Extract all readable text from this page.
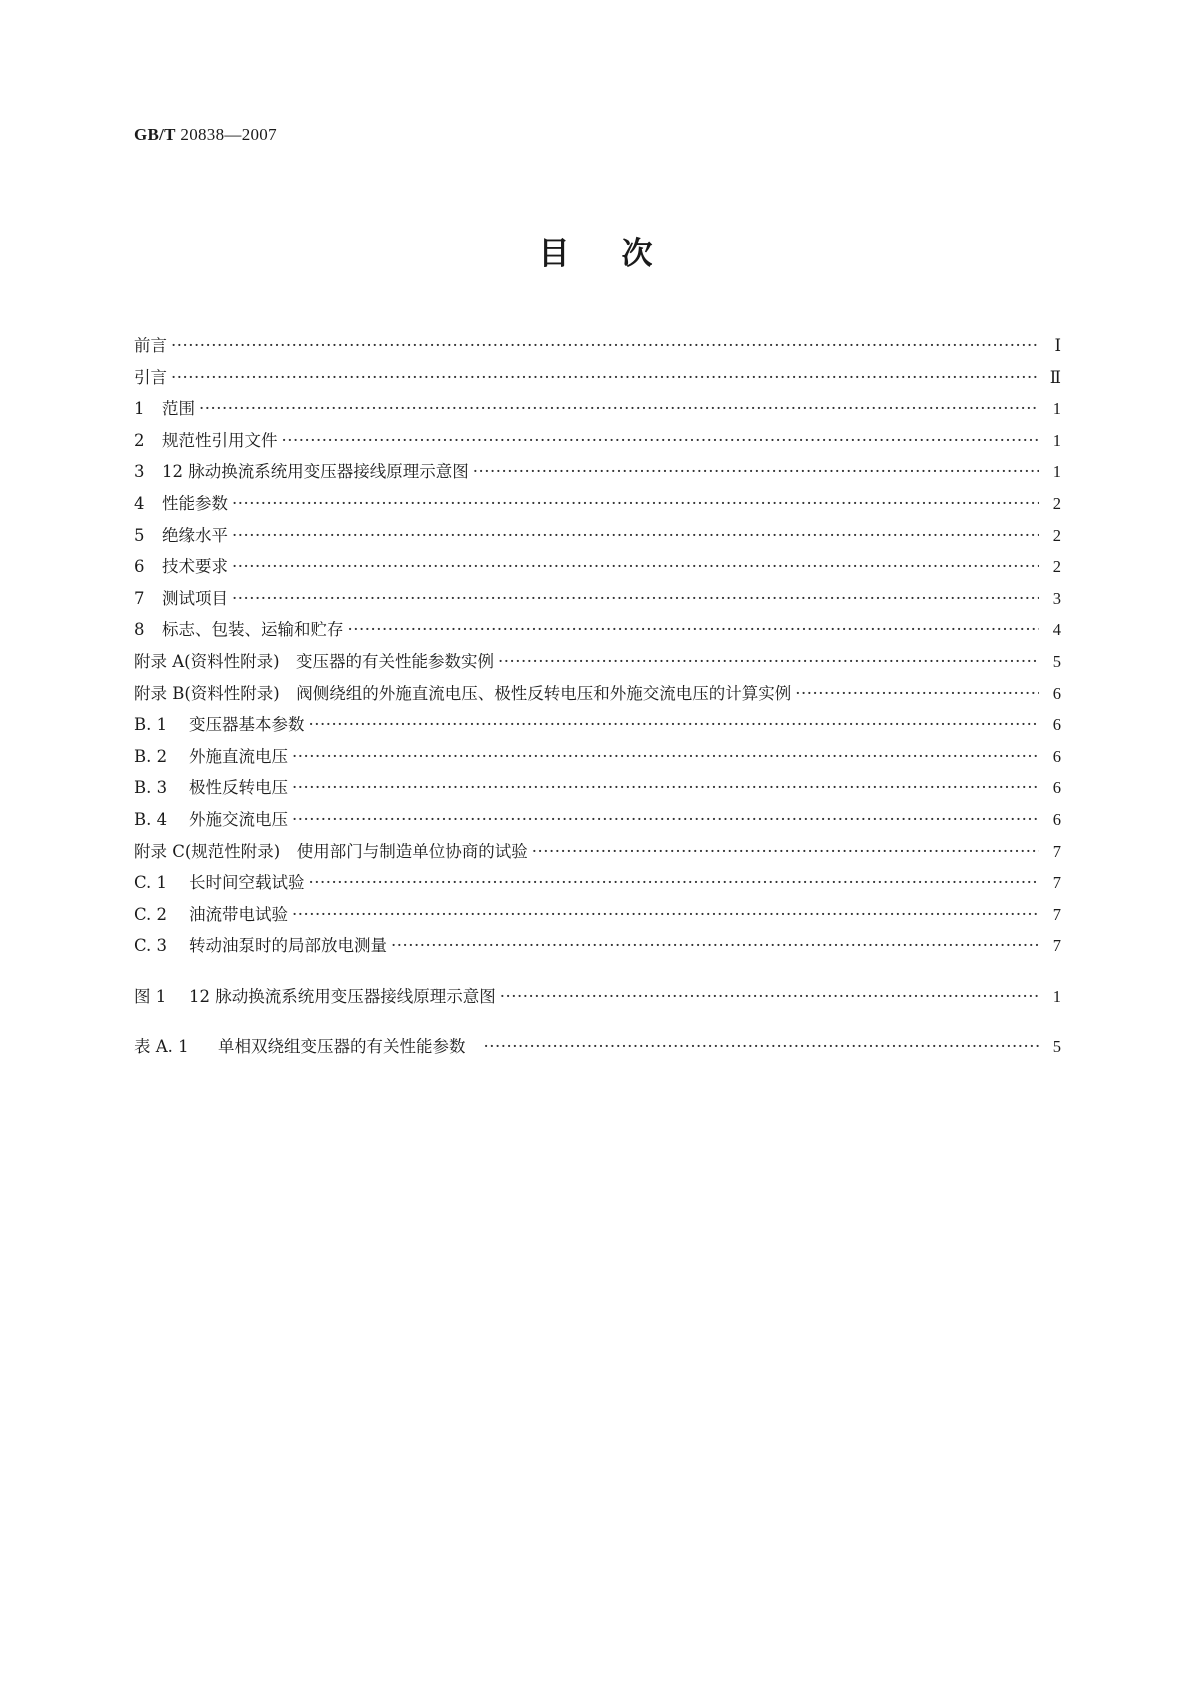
GB/T 20838—2007
目次
前言 ·····	Ⅰ
引言 ·····	Ⅱ
1	范围 ·····	1
2	规范性引用文件 ·····	1
3	12 脉动换流系统用变压器接线原理示意图 ·····	1
4	性能参数 ·····	2
5	绝缘水平 ·····	2
6	技术要求 ·····	2
7	测试项目 ·····	3
8	标志、包装、运输和贮存 ·····	4
附录 A(资料性附录)　变压器的有关性能参数实例 ·····	5
附录 B(资料性附录)　阀侧绕组的外施直流电压、极性反转电压和外施交流电压的计算实例 ·····	6
B. 1	变压器基本参数 ·····	6
B. 2	外施直流电压 ·····	6
B. 3	极性反转电压 ·····	6
B. 4	外施交流电压 ·····	6
附录 C(规范性附录)　使用部门与制造单位协商的试验 ·····	7
C. 1	长时间空载试验 ·····	7
C. 2	油流带电试验 ·····	7
C. 3	转动油泵时的局部放电测量 ·····	7
图 1	12 脉动换流系统用变压器接线原理示意图 ·····	1
表 A. 1	单相双绕组变压器的有关性能参数 ·····	5
